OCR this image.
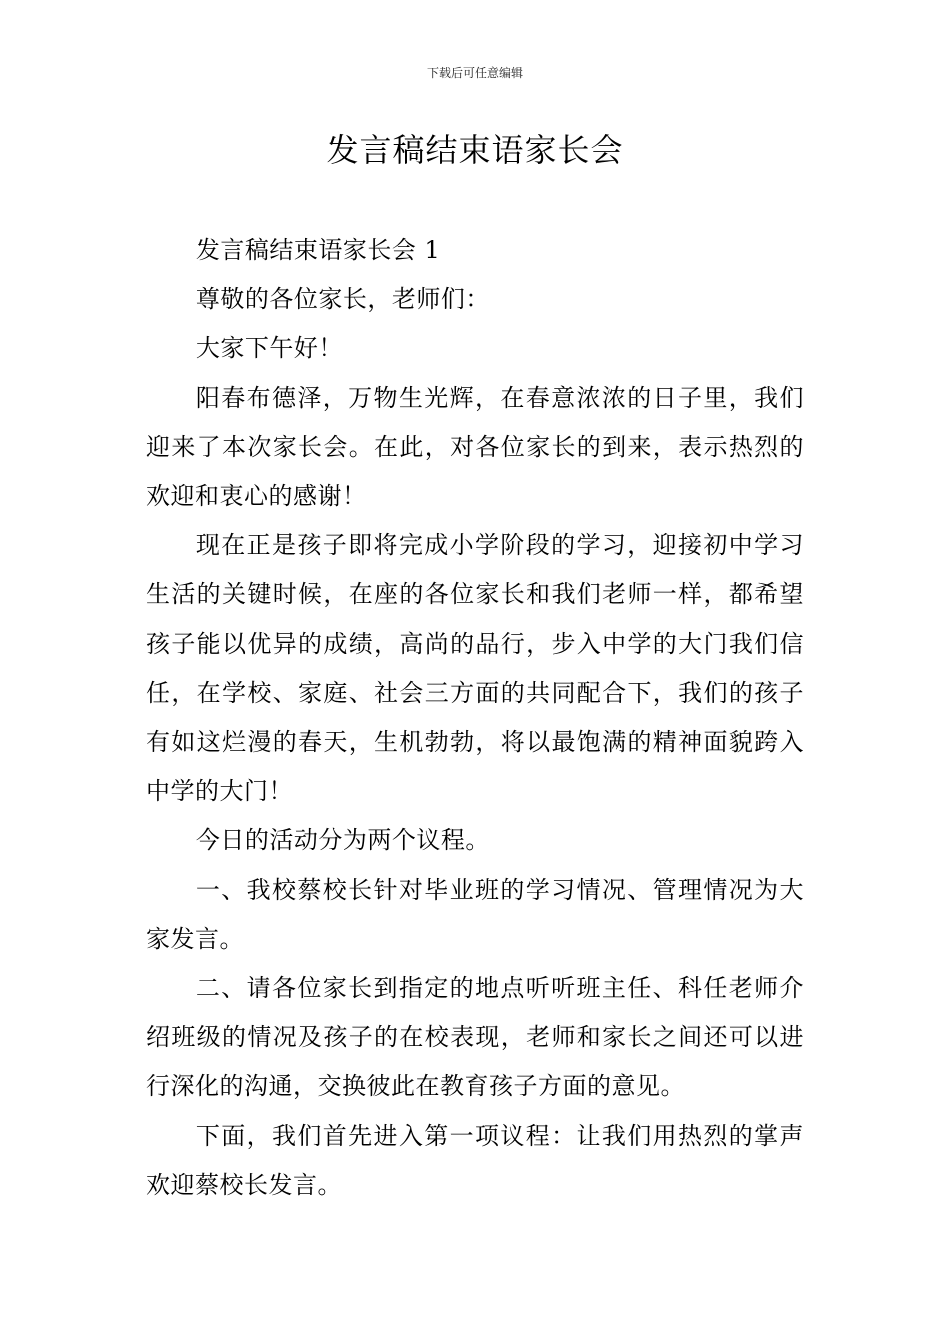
下载后可任意编辑
发言稿结束语家长会

发言稿结束语家长会 1

尊敬的各位家长，老师们：

大家下午好！

阳春布德泽，万物生光辉，在春意浓浓的日子里，我们迎来了本次家长会。在此，对各位家长的到来，表示热烈的欢迎和衷心的感谢！

现在正是孩子即将完成小学阶段的学习，迎接初中学习生活的关键时候，在座的各位家长和我们老师一样，都希望孩子能以优异的成绩，高尚的品行，步入中学的大门我们信任，在学校、家庭、社会三方面的共同配合下，我们的孩子有如这烂漫的春天，生机勃勃，将以最饱满的精神面貌跨入中学的大门！

今日的活动分为两个议程。

一、我校蔡校长针对毕业班的学习情况、管理情况为大家发言。

二、请各位家长到指定的地点听听班主任、科任老师介绍班级的情况及孩子的在校表现，老师和家长之间还可以进行深化的沟通，交换彼此在教育孩子方面的意见。

下面，我们首先进入第一项议程：让我们用热烈的掌声欢迎蔡校长发言。
